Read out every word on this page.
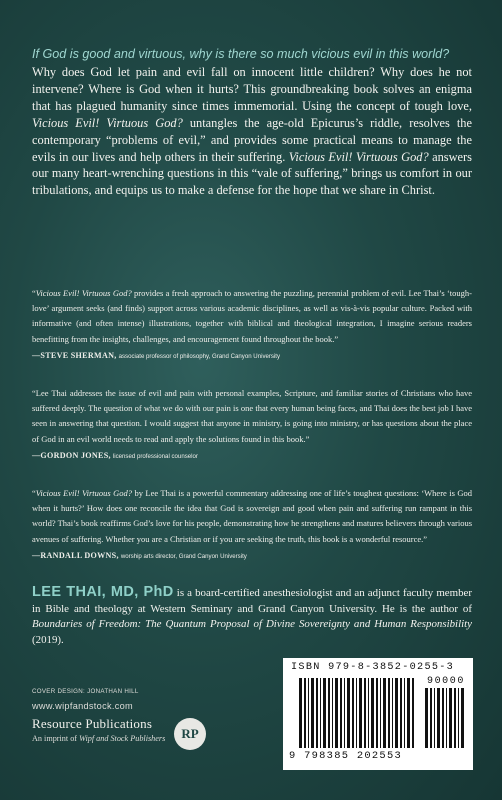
If God is good and virtuous, why is there so much vicious evil in this world?
Why does God let pain and evil fall on innocent little children? Why does he not intervene? Where is God when it hurts? This groundbreaking book solves an enigma that has plagued humanity since times immemorial. Using the concept of tough love, Vicious Evil! Virtuous God? untangles the age-old Epicurus’s riddle, resolves the contemporary “problems of evil,” and provides some practical means to manage the evils in our lives and help others in their suffering. Vicious Evil! Virtuous God? answers our many heart-wrenching questions in this “vale of suffering,” brings us comfort in our tribulations, and equips us to make a defense for the hope that we share in Christ.
“Vicious Evil! Virtuous God? provides a fresh approach to answering the puzzling, perennial problem of evil. Lee Thai’s ‘tough-love’ argument seeks (and finds) support across various academic disciplines, as well as vis-à-vis popular culture. Packed with informative (and often intense) illustrations, together with biblical and theological integration, I imagine serious readers benefitting from the insights, challenges, and encouragement found throughout the book.”
—STEVE SHERMAN, associate professor of philosophy, Grand Canyon University
“Lee Thai addresses the issue of evil and pain with personal examples, Scripture, and familiar stories of Christians who have suffered deeply. The question of what we do with our pain is one that every human being faces, and Thai does the best job I have seen in answering that question. I would suggest that anyone in ministry, is going into ministry, or has questions about the place of God in an evil world needs to read and apply the solutions found in this book.”
—GORDON JONES, licensed professional counselor
“Vicious Evil! Virtuous God? by Lee Thai is a powerful commentary addressing one of life’s toughest questions: ‘Where is God when it hurts?’ How does one reconcile the idea that God is sovereign and good when pain and suffering run rampant in this world? Thai’s book reaffirms God’s love for his people, demonstrating how he strengthens and matures believers through various avenues of suffering. Whether you are a Christian or if you are seeking the truth, this book is a wonderful resource.”
—RANDALL DOWNS, worship arts director, Grand Canyon University
LEE THAI, MD, PhD is a board-certified anesthesiologist and an adjunct faculty member in Bible and theology at Western Seminary and Grand Canyon University. He is the author of Boundaries of Freedom: The Quantum Proposal of Divine Sovereignty and Human Responsibility (2019).
COVER DESIGN: JONATHAN HILL
www.wipfandstock.com
Resource Publications
An imprint of Wipf and Stock Publishers	RP
ISBN 979-8-3852-0255-3
90000
9 798385 202553
